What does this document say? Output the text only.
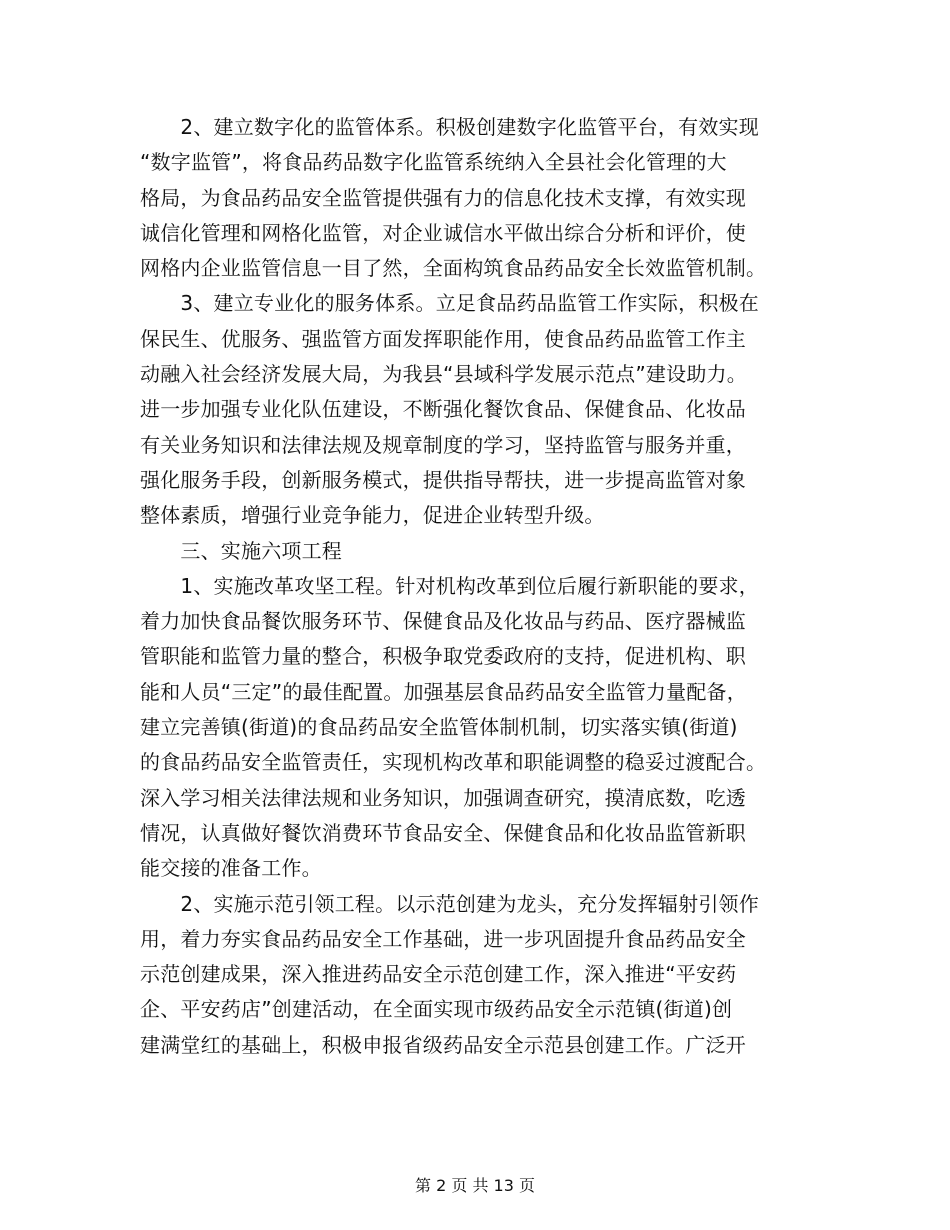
　　2、建立数字化的监管体系。积极创建数字化监管平台，有效实现
“数字监管”，将食品药品数字化监管系统纳入全县社会化管理的大
格局，为食品药品安全监管提供强有力的信息化技术支撑，有效实现
诚信化管理和网格化监管，对企业诚信水平做出综合分析和评价，使
网格内企业监管信息一目了然，全面构筑食品药品安全长效监管机制。
　　3、建立专业化的服务体系。立足食品药品监管工作实际，积极在
保民生、优服务、强监管方面发挥职能作用，使食品药品监管工作主
动融入社会经济发展大局，为我县“县域科学发展示范点”建设助力。
进一步加强专业化队伍建设，不断强化餐饮食品、保健食品、化妆品
有关业务知识和法律法规及规章制度的学习，坚持监管与服务并重，
强化服务手段，创新服务模式，提供指导帮扶，进一步提高监管对象
整体素质，增强行业竞争能力，促进企业转型升级。
　　三、实施六项工程
　　1、实施改革攻坚工程。针对机构改革到位后履行新职能的要求，
着力加快食品餐饮服务环节、保健食品及化妆品与药品、医疗器械监
管职能和监管力量的整合，积极争取党委政府的支持，促进机构、职
能和人员“三定”的最佳配置。加强基层食品药品安全监管力量配备，
建立完善镇(街道)的食品药品安全监管体制机制，切实落实镇(街道)
的食品药品安全监管责任，实现机构改革和职能调整的稳妥过渡配合。
深入学习相关法律法规和业务知识，加强调查研究，摸清底数，吃透
情况，认真做好餐饮消费环节食品安全、保健食品和化妆品监管新职
能交接的准备工作。
　　2、实施示范引领工程。以示范创建为龙头，充分发挥辐射引领作
用，着力夯实食品药品安全工作基础，进一步巩固提升食品药品安全
示范创建成果，深入推进药品安全示范创建工作，深入推进“平安药
企、平安药店”创建活动，在全面实现市级药品安全示范镇(街道)创
建满堂红的基础上，积极申报省级药品安全示范县创建工作。广泛开
第 2 页 共 13 页
